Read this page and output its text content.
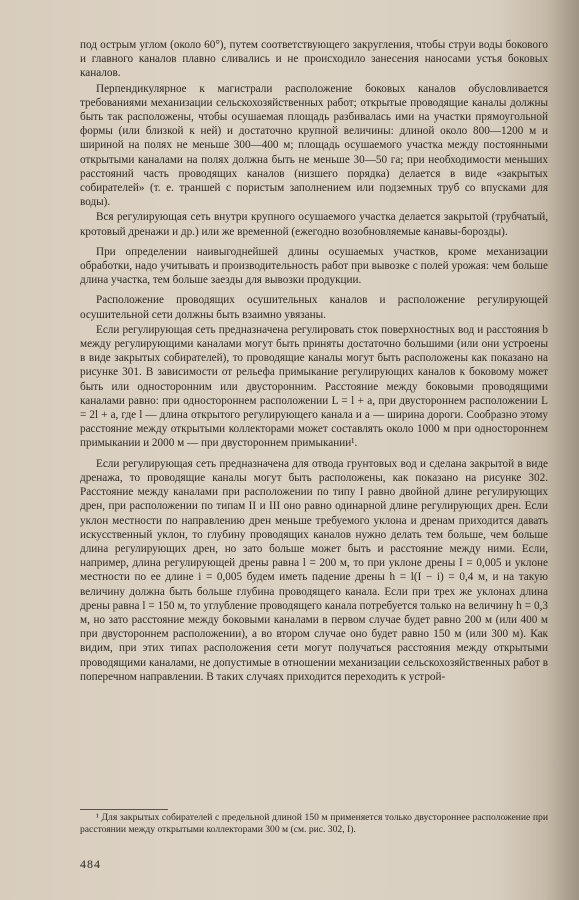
под острым углом (около 60°), путем соответствующего закругления, чтобы струи воды бокового и главного каналов плавно сливались и не происходило занесения наносами устья боковых каналов.

Перпендикулярное к магистрали расположение боковых каналов обусловливается требованиями механизации сельскохозяйственных работ; открытые проводящие каналы должны быть так расположены, чтобы осушаемая площадь разбивалась ими на участки прямоугольной формы (или близкой к ней) и достаточно крупной величины: длиной около 800—1200 м и шириной на полях не меньше 300—400 м; площадь осушаемого участка между постоянными открытыми каналами на полях должна быть не меньше 30—50 га; при необходимости меньших расстояний часть проводящих каналов (низшего порядка) делается в виде «закрытых собирателей» (т. е. траншей с пористым заполнением или подземных труб со впусками для воды).

Вся регулирующая сеть внутри крупного осушаемого участка делается закрытой (трубчатый, кротовый дренажи и др.) или же временной (ежегодно возобновляемые канавы-борозды).

При определении наивыгоднейшей длины осушаемых участков, кроме механизации обработки, надо учитывать и производительность работ при вывозке с полей урожая: чем больше длина участка, тем больше заезды для вывозки продукции.

Расположение проводящих осушительных каналов и расположение регулирующей осушительной сети должны быть взаимно увязаны.

Если регулирующая сеть предназначена регулировать сток поверхностных вод и расстояния b между регулирующими каналами могут быть приняты достаточно большими (или они устроены в виде закрытых собирателей), то проводящие каналы могут быть расположены как показано на рисунке 301. В зависимости от рельефа примыкание регулирующих каналов к боковому может быть или односторонним или двусторонним. Расстояние между боковыми проводящими каналами равно: при одностороннем расположении L = l + a, при двустороннем расположении L = 2l + a, где l — длина открытого регулирующего канала и a — ширина дороги. Сообразно этому расстояние между открытыми коллекторами может составлять около 1000 м при одностороннем примыкании и 2000 м — при двустороннем примыкании¹.

Если регулирующая сеть предназначена для отвода грунтовых вод и сделана закрытой в виде дренажа, то проводящие каналы могут быть расположены, как показано на рисунке 302. Расстояние между каналами при расположении по типу I равно двойной длине регулирующих дрен, при расположении по типам II и III оно равно одинарной длине регулирующих дрен. Если уклон местности по направлению дрен меньше требуемого уклона и дренам приходится давать искусственный уклон, то глубину проводящих каналов нужно делать тем больше, чем больше длина регулирующих дрен, но зато больше может быть и расстояние между ними. Если, например, длина регулирующей дрены равна l = 200 м, то при уклоне дрены I = 0,005 и уклоне местности по ее длине i = 0,005 будем иметь падение дрены h = l(I − i) = 0,4 м, и на такую величину должна быть больше глубина проводящего канала. Если при трех же уклонах длина дрены равна l = 150 м, то углубление проводящего канала потребуется только на величину h = 0,3 м, но зато расстояние между боковыми каналами в первом случае будет равно 200 м (или 400 м при двустороннем расположении), а во втором случае оно будет равно 150 м (или 300 м). Как видим, при этих типах расположения сети могут получаться расстояния между открытыми проводящими каналами, не допустимые в отношении механизации сельскохозяйственных работ в поперечном направлении. В таких случаях приходится переходить к устрой-

¹ Для закрытых собирателей с предельной длиной 150 м применяется только двустороннее расположение при расстоянии между открытыми коллекторами 300 м (см. рис. 302, I).
484
